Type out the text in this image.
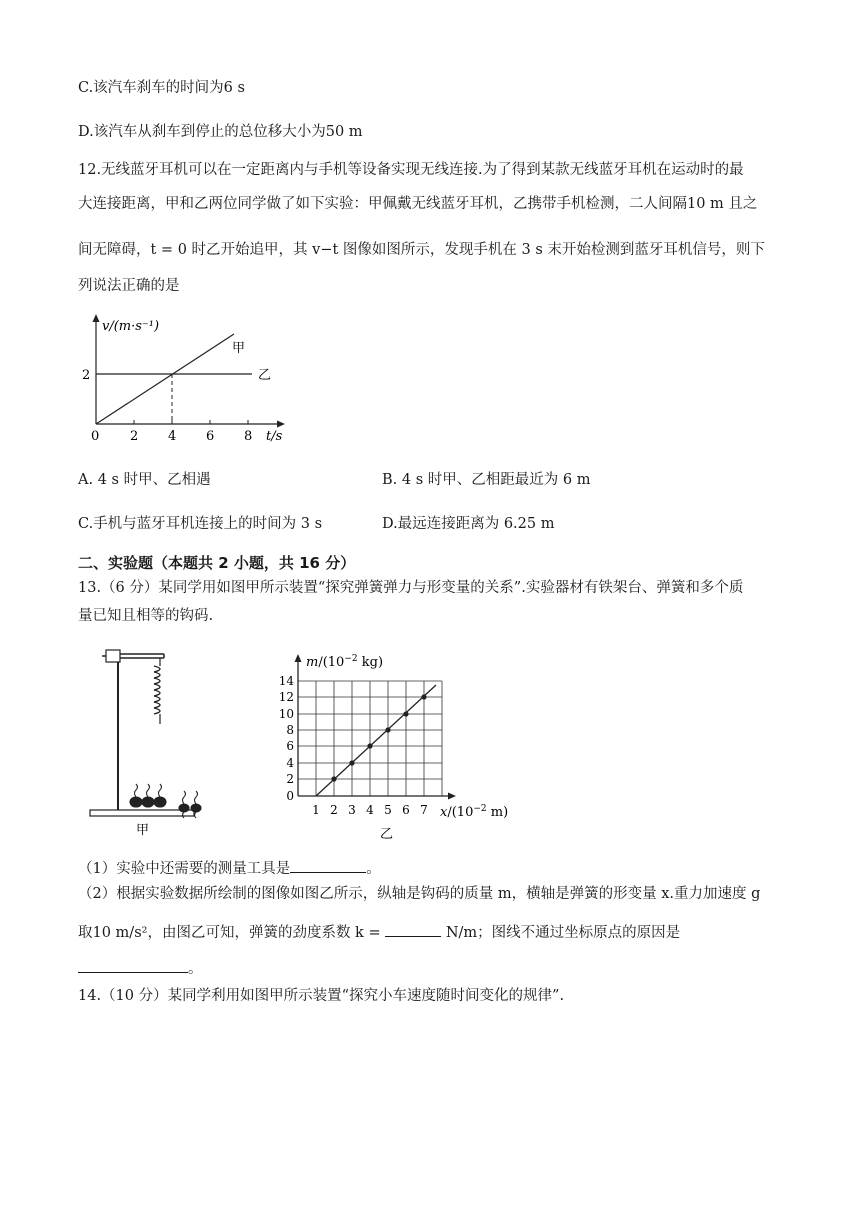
C.该汽车刹车的时间为6 s
D.该汽车从刹车到停止的总位移大小为50 m
12.无线蓝牙耳机可以在一定距离内与手机等设备实现无线连接.为了得到某款无线蓝牙耳机在运动时的最
大连接距离，甲和乙两位同学做了如下实验：甲佩戴无线蓝牙耳机，乙携带手机检测，二人间隔10 m 且之
间无障碍，t = 0 时乙开始追甲，其 v−t 图像如图所示，发现手机在 3 s 末开始检测到蓝牙耳机信号，则下
列说法正确的是
v/(m·s⁻¹)
甲
乙
2
0 2 4 6 8 t/s
A. 4 s 时甲、乙相遇	B. 4 s 时甲、乙相距最近为 6 m
C.手机与蓝牙耳机连接上的时间为 3 s	D.最远连接距离为 6.25 m
二、实验题（本题共 2 小题，共 16 分）
13.（6 分）某同学用如图甲所示装置“探究弹簧弹力与形变量的关系”.实验器材有铁架台、弹簧和多个质
量已知且相等的钩码.
甲
14
12
10
8
6
4
2
0
1 2 3 4 5 6 7
$m/(10^{-2}$ kg)
$x/(10^{-2}$ m)
乙
（1）实验中还需要的测量工具是	。
（2）根据实验数据所绘制的图像如图乙所示，纵轴是钩码的质量 m，横轴是弹簧的形变量 x.重力加速度 g
取10 m/s²，由图乙可知，弹簧的劲度系数 k =	N/m；图线不通过坐标原点的原因是
。
14.（10 分）某同学利用如图甲所示装置“探究小车速度随时间变化的规律”.
